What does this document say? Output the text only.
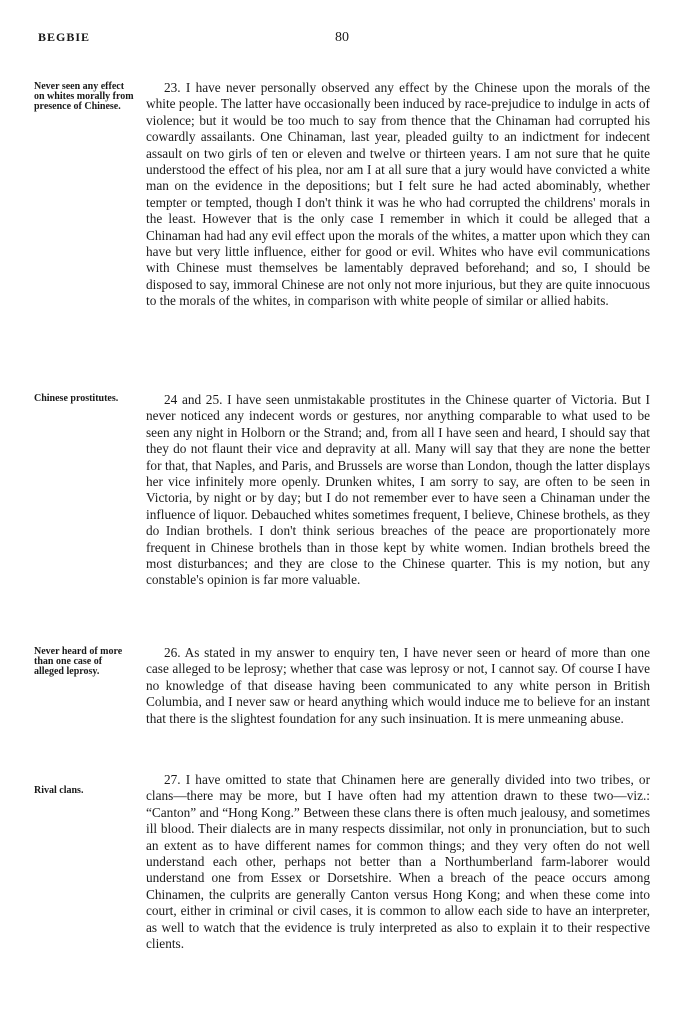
BEGBIE	80
Never seen any effect on whites morally from presence of Chinese.

23. I have never personally observed any effect by the Chinese upon the morals of the white people. The latter have occasionally been induced by race-prejudice to indulge in acts of violence; but it would be too much to say from thence that the Chinaman had corrupted his cowardly assailants. One Chinaman, last year, pleaded guilty to an indictment for indecent assault on two girls of ten or eleven and twelve or thirteen years. I am not sure that he quite understood the effect of his plea, nor am I at all sure that a jury would have convicted a white man on the evidence in the depositions; but I felt sure he had acted abominably, whether tempter or tempted, though I don't think it was he who had corrupted the childrens' morals in the least. However that is the only case I remember in which it could be alleged that a Chinaman had had any evil effect upon the morals of the whites, a matter upon which they can have but very little influence, either for good or evil. Whites who have evil communications with Chinese must themselves be lamentably depraved beforehand; and so, I should be disposed to say, immoral Chinese are not only not more injurious, but they are quite innocuous to the morals of the whites, in comparison with white people of similar or allied habits.

Chinese prostitutes.	24 and 25. I have seen unmistakable prostitutes in the Chinese quarter of Victoria. But I never noticed any indecent words or gestures, nor anything comparable to what used to be seen any night in Holborn or the Strand; and, from all I have seen and heard, I should say that they do not flaunt their vice and depravity at all. Many will say that they are none the better for that, that Naples, and Paris, and Brussels are worse than London, though the latter displays her vice infinitely more openly. Drunken whites, I am sorry to say, are often to be seen in Victoria, by night or by day; but I do not remember ever to have seen a Chinaman under the influence of liquor. Debauched whites sometimes frequent, I believe, Chinese brothels, as they do Indian brothels. I don't think serious breaches of the peace are proportionately more frequent in Chinese brothels than in those kept by white women. Indian brothels breed the most disturbances; and they are close to the Chinese quarter. This is my notion, but any constable's opinion is far more valuable.

Never heard of more than one case of alleged leprosy.

26. As stated in my answer to enquiry ten, I have never seen or heard of more than one case alleged to be leprosy; whether that case was leprosy or not, I cannot say. Of course I have no knowledge of that disease having been communicated to any white person in British Columbia, and I never saw or heard anything which would induce me to believe for an instant that there is the slightest foundation for any such insinuation. It is mere unmeaning abuse.

Rival clans.

27. I have omitted to state that Chinamen here are generally divided into two tribes, or clans—there may be more, but I have often had my attention drawn to these two—viz.: “Canton” and “Hong Kong.” Between these clans there is often much jealousy, and sometimes ill blood. Their dialects are in many respects dissimilar, not only in pronunciation, but to such an extent as to have different names for common things; and they very often do not well understand each other, perhaps not better than a Northumberland farm-laborer would understand one from Essex or Dorsetshire. When a breach of the peace occurs among Chinamen, the culprits are generally Canton versus Hong Kong; and when these come into court, either in criminal or civil cases, it is common to allow each side to have an interpreter, as well to watch that the evidence is truly interpreted as also to explain it to their respective clients.
